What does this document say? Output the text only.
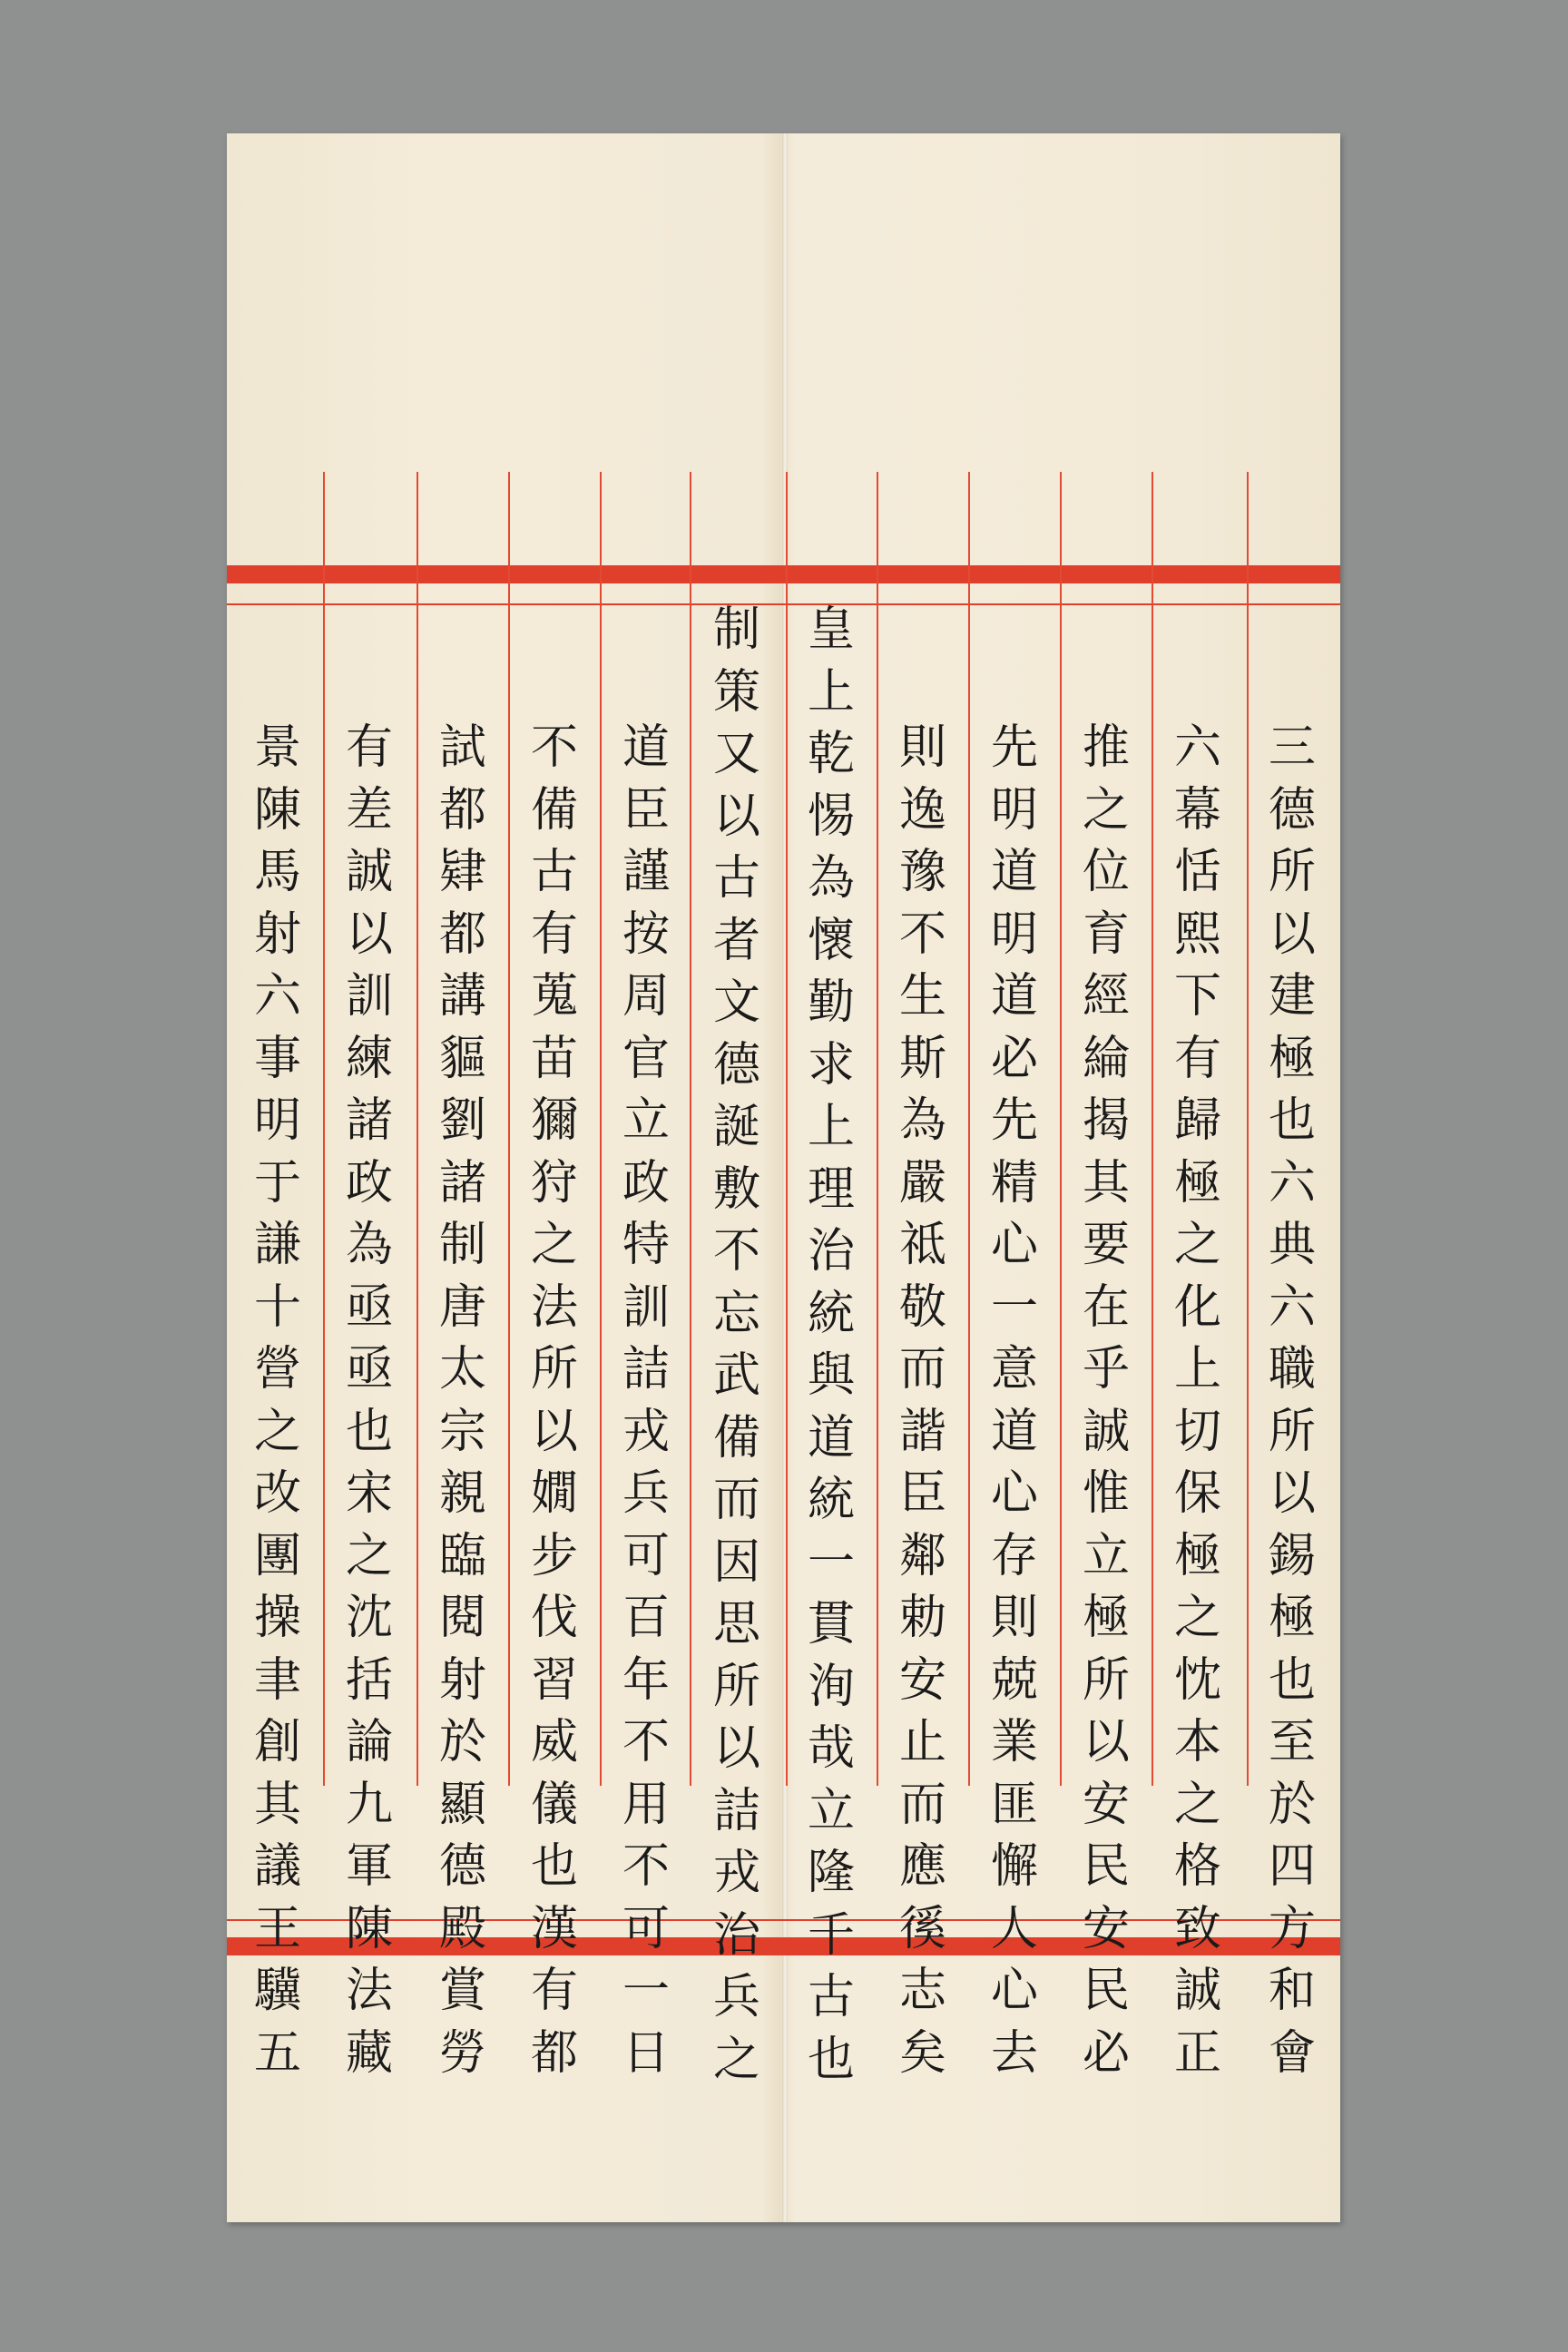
三
德
所
以
建
極
也
六
典
六
職
所
以
錫
極
也
至
於
四
方
和
會
六
幕
恬
熙
下
有
歸
極
之
化
上
切
保
極
之
忱
本
之
格
致
誠
正
推
之
位
育
經
綸
揭
其
要
在
乎
誠
惟
立
極
所
以
安
民
安
民
必
先
明
道
明
道
必
先
精
心
一
意
道
心
存
則
兢
業
匪
懈
人
心
去
則
逸
豫
不
生
斯
為
嚴
祗
敬
而
諧
臣
鄰
勅
安
止
而
應
徯
志
矣
皇
上
乾
惕
為
懷
勤
求
上
理
治
統
與
道
統
一
貫
洵
哉
立
隆
千
古
也
制
策
又
以
古
者
文
德
誕
敷
不
忘
武
備
而
因
思
所
以
詰
戎
治
兵
之
道
臣
謹
按
周
官
立
政
特
訓
詰
戎
兵
可
百
年
不
用
不
可
一
日
不
備
古
有
蒐
苗
獮
狩
之
法
所
以
嫺
步
伐
習
威
儀
也
漢
有
都
試
都
肄
都
講
貙
劉
諸
制
唐
太
宗
親
臨
閱
射
於
顯
德
殿
賞
勞
有
差
誠
以
訓
練
諸
政
為
亟
亟
也
宋
之
沈
括
論
九
軍
陳
法
藏
景
陳
馬
射
六
事
明
于
謙
十
營
之
改
團
操
聿
創
其
議
王
驥
五
